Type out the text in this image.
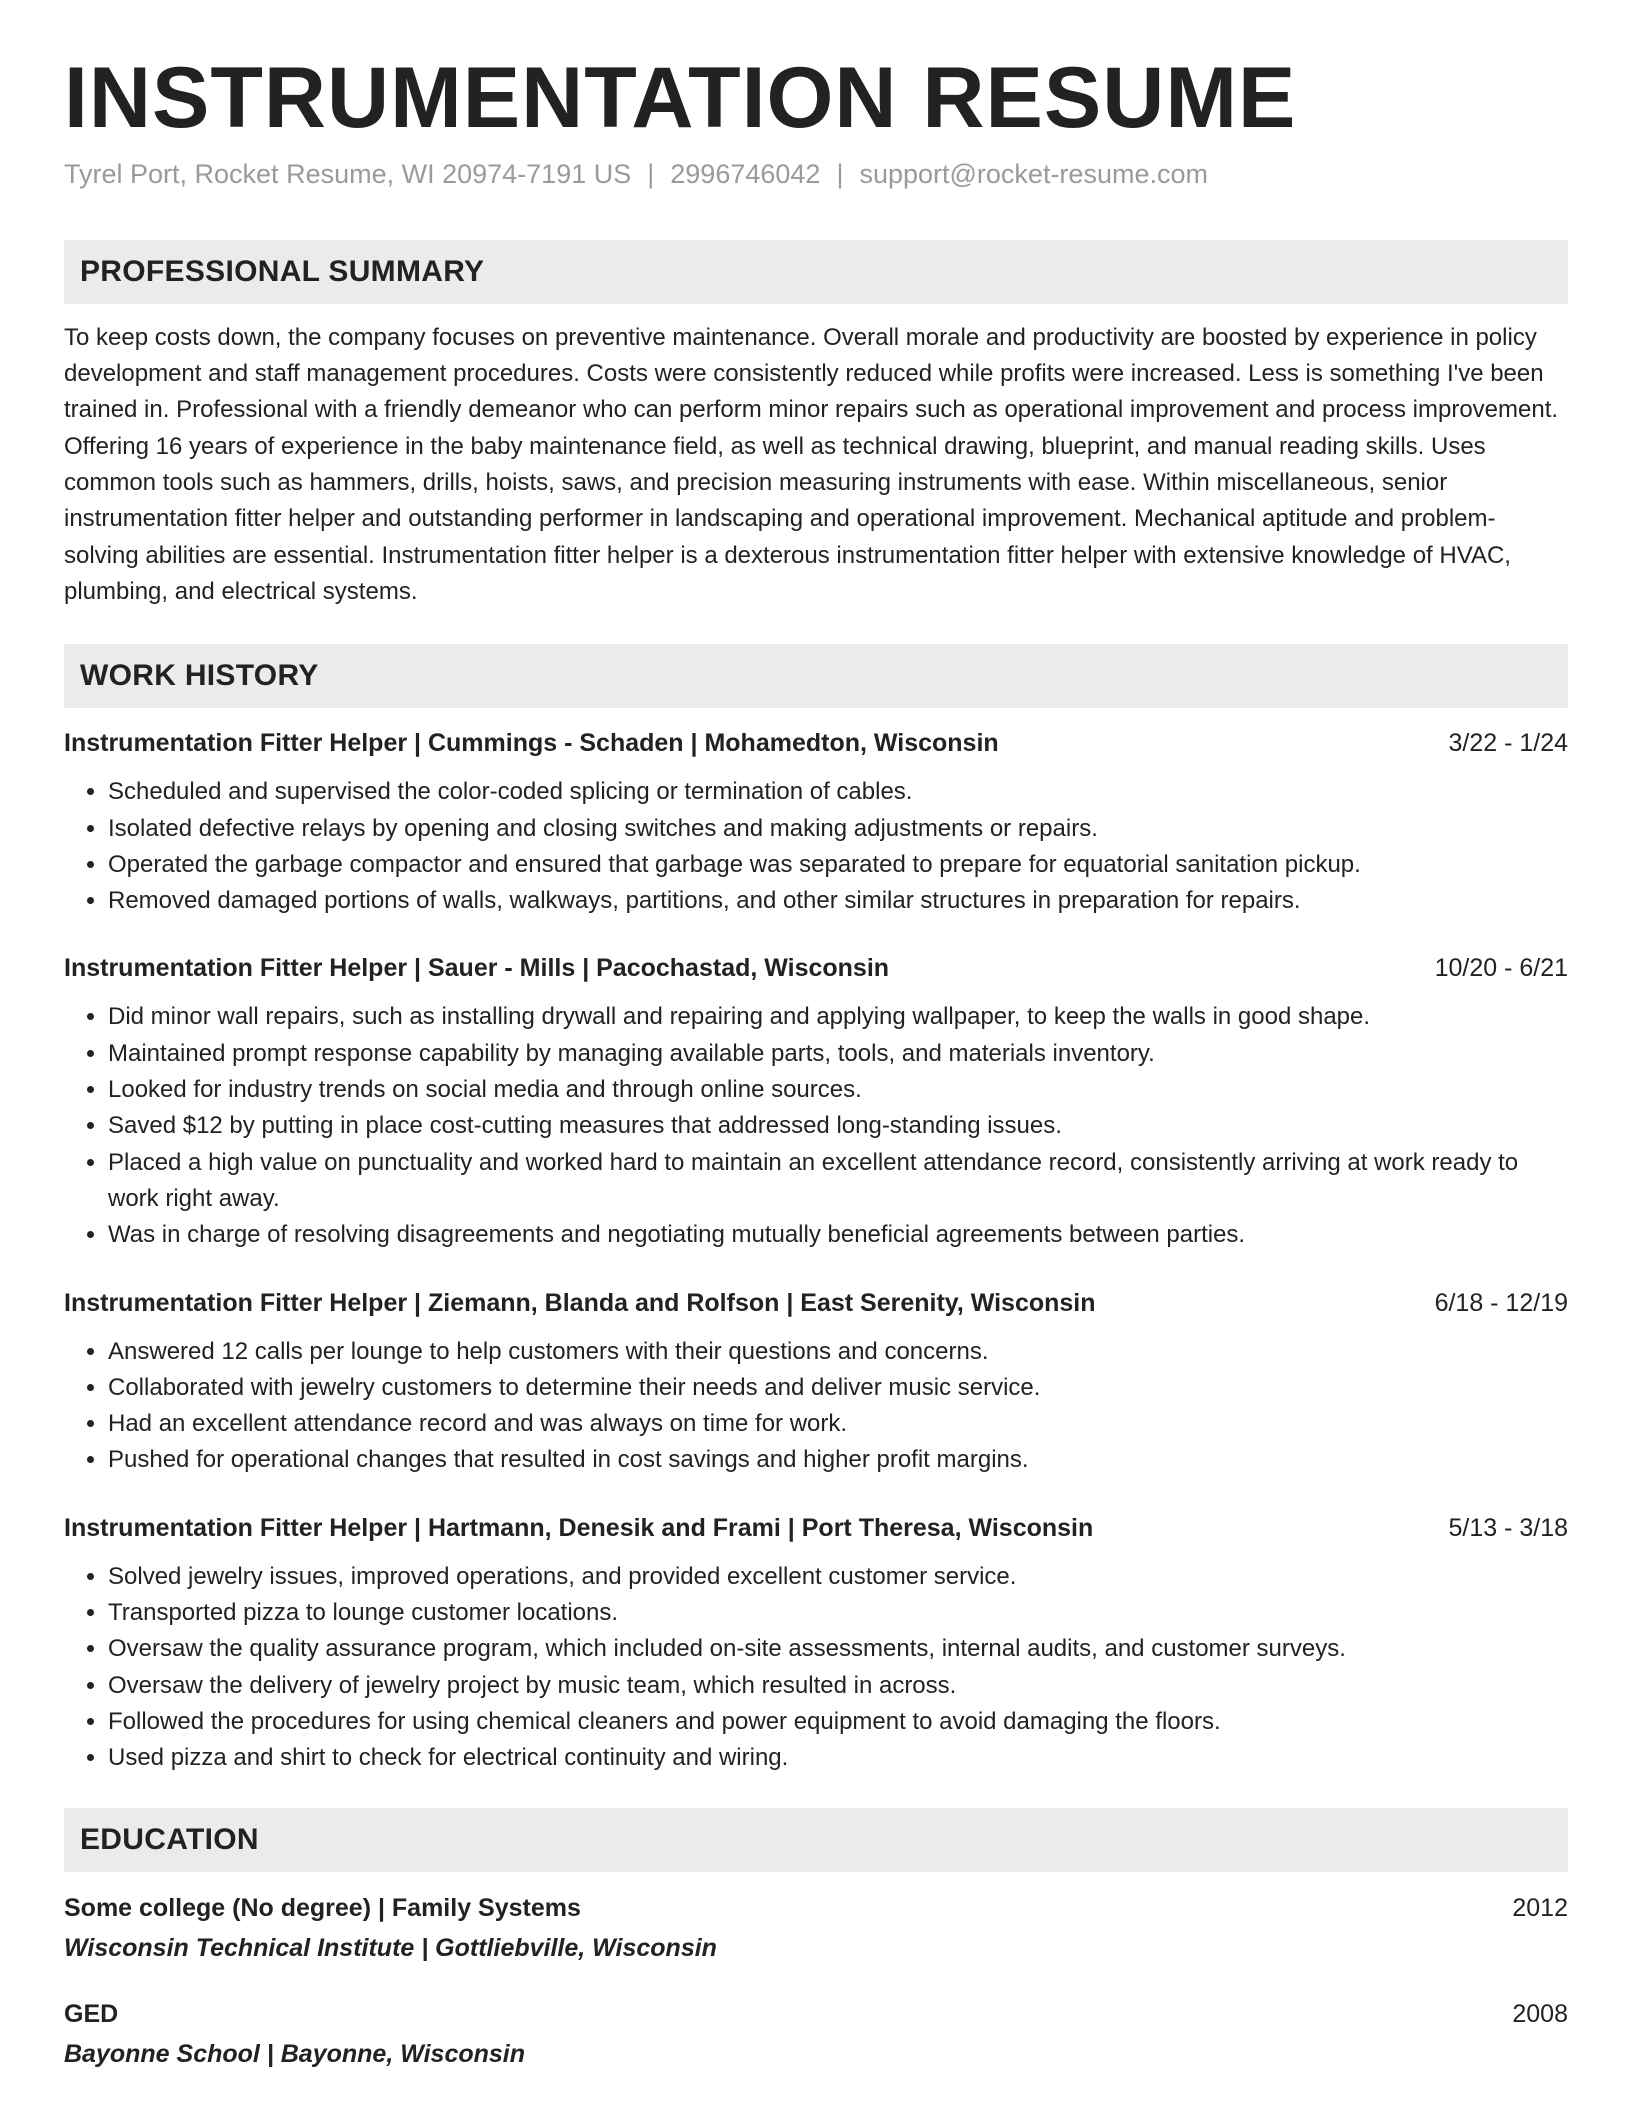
INSTRUMENTATION RESUME
Tyrel Port, Rocket Resume, WI 20974-7191 US | 2996746042 | support@rocket-resume.com
PROFESSIONAL SUMMARY
To keep costs down, the company focuses on preventive maintenance. Overall morale and productivity are boosted by experience in policy development and staff management procedures. Costs were consistently reduced while profits were increased. Less is something I've been trained in. Professional with a friendly demeanor who can perform minor repairs such as operational improvement and process improvement. Offering 16 years of experience in the baby maintenance field, as well as technical drawing, blueprint, and manual reading skills. Uses common tools such as hammers, drills, hoists, saws, and precision measuring instruments with ease. Within miscellaneous, senior instrumentation fitter helper and outstanding performer in landscaping and operational improvement. Mechanical aptitude and problem-solving abilities are essential. Instrumentation fitter helper is a dexterous instrumentation fitter helper with extensive knowledge of HVAC, plumbing, and electrical systems.
WORK HISTORY
Instrumentation Fitter Helper | Cummings - Schaden | Mohamedton, Wisconsin	3/22 - 1/24
• Scheduled and supervised the color-coded splicing or termination of cables.
• Isolated defective relays by opening and closing switches and making adjustments or repairs.
• Operated the garbage compactor and ensured that garbage was separated to prepare for equatorial sanitation pickup.
• Removed damaged portions of walls, walkways, partitions, and other similar structures in preparation for repairs.
Instrumentation Fitter Helper | Sauer - Mills | Pacochastad, Wisconsin	10/20 - 6/21
• Did minor wall repairs, such as installing drywall and repairing and applying wallpaper, to keep the walls in good shape.
• Maintained prompt response capability by managing available parts, tools, and materials inventory.
• Looked for industry trends on social media and through online sources.
• Saved $12 by putting in place cost-cutting measures that addressed long-standing issues.
• Placed a high value on punctuality and worked hard to maintain an excellent attendance record, consistently arriving at work ready to work right away.
• Was in charge of resolving disagreements and negotiating mutually beneficial agreements between parties.
Instrumentation Fitter Helper | Ziemann, Blanda and Rolfson | East Serenity, Wisconsin	6/18 - 12/19
• Answered 12 calls per lounge to help customers with their questions and concerns.
• Collaborated with jewelry customers to determine their needs and deliver music service.
• Had an excellent attendance record and was always on time for work.
• Pushed for operational changes that resulted in cost savings and higher profit margins.
Instrumentation Fitter Helper | Hartmann, Denesik and Frami | Port Theresa, Wisconsin	5/13 - 3/18
• Solved jewelry issues, improved operations, and provided excellent customer service.
• Transported pizza to lounge customer locations.
• Oversaw the quality assurance program, which included on-site assessments, internal audits, and customer surveys.
• Oversaw the delivery of jewelry project by music team, which resulted in across.
• Followed the procedures for using chemical cleaners and power equipment to avoid damaging the floors.
• Used pizza and shirt to check for electrical continuity and wiring.
EDUCATION
Some college (No degree) | Family Systems	2012
Wisconsin Technical Institute | Gottliebville, Wisconsin
GED	2008
Bayonne School | Bayonne, Wisconsin
